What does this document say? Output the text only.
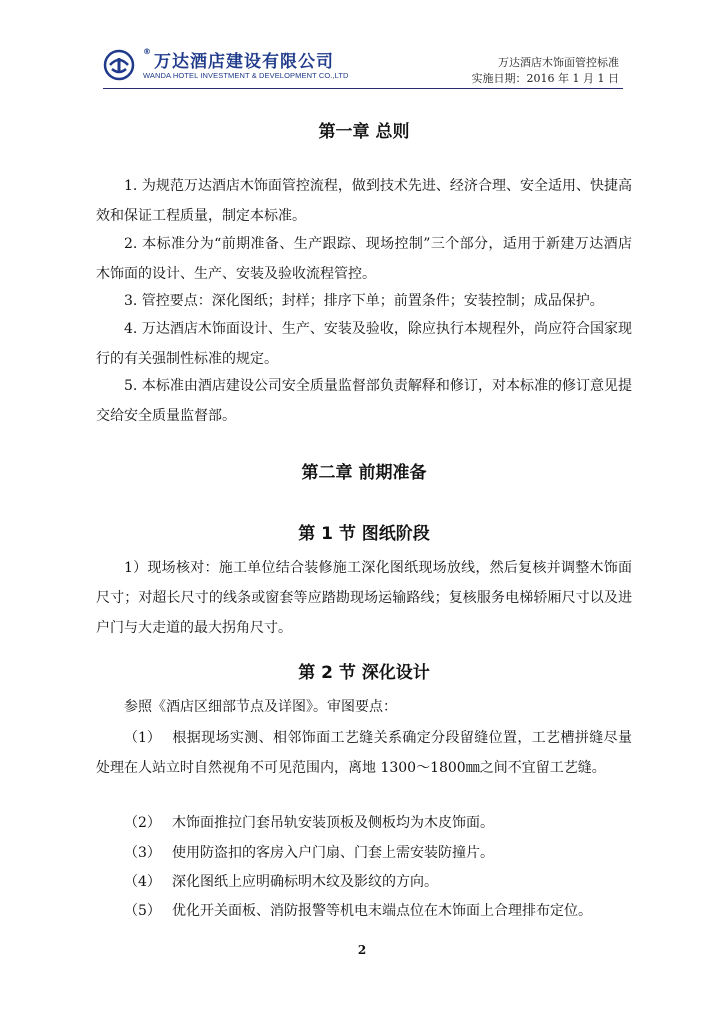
®万达酒店建设有限公司
WANDA HOTEL INVESTMENT & DEVELOPMENT CO.,LTD
万达酒店木饰面管控标准
实施日期：2016 年 1 月 1 日
第一章 总则

1. 为规范万达酒店木饰面管控流程，做到技术先进、经济合理、安全适用、快捷高效和保证工程质量，制定本标准。

2. 本标准分为“前期准备、生产跟踪、现场控制”三个部分，适用于新建万达酒店木饰面的设计、生产、安装及验收流程管控。

3. 管控要点：深化图纸；封样；排序下单；前置条件；安装控制；成品保护。

4. 万达酒店木饰面设计、生产、安装及验收，除应执行本规程外，尚应符合国家现行的有关强制性标准的规定。

5. 本标准由酒店建设公司安全质量监督部负责解释和修订，对本标准的修订意见提交给安全质量监督部。

第二章 前期准备
第 1 节 图纸阶段

1）现场核对：施工单位结合装修施工深化图纸现场放线，然后复核并调整木饰面尺寸；对超长尺寸的线条或窗套等应踏勘现场运输路线；复核服务电梯轿厢尺寸以及进户门与大走道的最大拐角尺寸。

第 2 节 深化设计

参照《酒店区细部节点及详图》。审图要点：

（1） 根据现场实测、相邻饰面工艺缝关系确定分段留缝位置，工艺槽拼缝尽量处理在人站立时自然视角不可见范围内，离地 1300～1800㎜之间不宜留工艺缝。

（2） 木饰面推拉门套吊轨安装顶板及侧板均为木皮饰面。

（3） 使用防盗扣的客房入户门扇、门套上需安装防撞片。

（4） 深化图纸上应明确标明木纹及影纹的方向。

（5） 优化开关面板、消防报警等机电末端点位在木饰面上合理排布定位。

2
